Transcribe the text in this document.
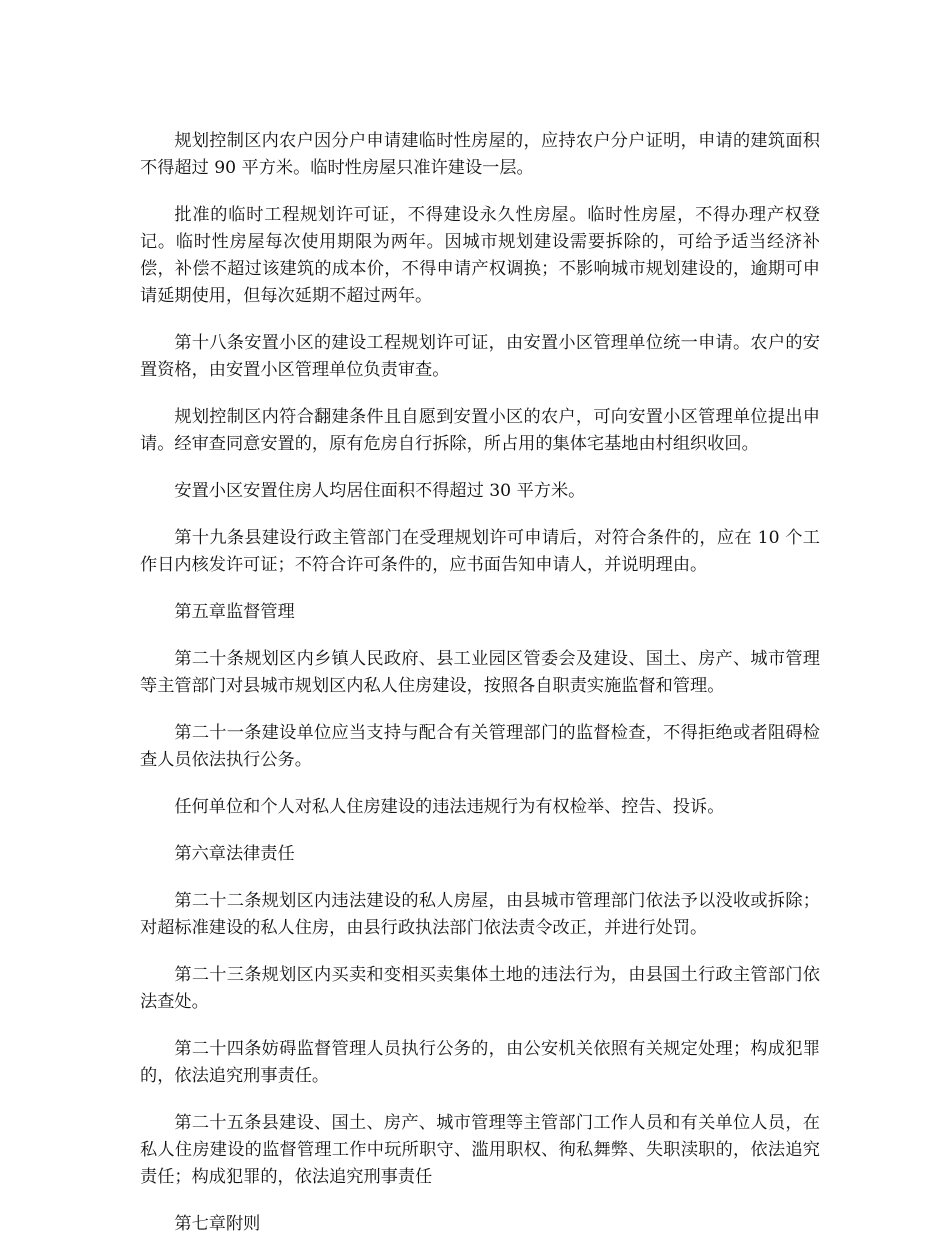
规划控制区内农户因分户申请建临时性房屋的，应持农户分户证明，申请的建筑面积不得超过 90 平方米。临时性房屋只准许建设一层。

批准的临时工程规划许可证，不得建设永久性房屋。临时性房屋，不得办理产权登记。临时性房屋每次使用期限为两年。因城市规划建设需要拆除的，可给予适当经济补偿，补偿不超过该建筑的成本价，不得申请产权调换；不影响城市规划建设的，逾期可申请延期使用，但每次延期不超过两年。

第十八条安置小区的建设工程规划许可证，由安置小区管理单位统一申请。农户的安置资格，由安置小区管理单位负责审查。

规划控制区内符合翻建条件且自愿到安置小区的农户，可向安置小区管理单位提出申请。经审查同意安置的，原有危房自行拆除，所占用的集体宅基地由村组织收回。

安置小区安置住房人均居住面积不得超过 30 平方米。

第十九条县建设行政主管部门在受理规划许可申请后，对符合条件的，应在 10 个工作日内核发许可证；不符合许可条件的，应书面告知申请人，并说明理由。

第五章监督管理

第二十条规划区内乡镇人民政府、县工业园区管委会及建设、国土、房产、城市管理等主管部门对县城市规划区内私人住房建设，按照各自职责实施监督和管理。

第二十一条建设单位应当支持与配合有关管理部门的监督检查，不得拒绝或者阻碍检查人员依法执行公务。

任何单位和个人对私人住房建设的违法违规行为有权检举、控告、投诉。

第六章法律责任

第二十二条规划区内违法建设的私人房屋，由县城市管理部门依法予以没收或拆除；对超标准建设的私人住房，由县行政执法部门依法责令改正，并进行处罚。

第二十三条规划区内买卖和变相买卖集体土地的违法行为，由县国土行政主管部门依法查处。

第二十四条妨碍监督管理人员执行公务的，由公安机关依照有关规定处理；构成犯罪的，依法追究刑事责任。

第二十五条县建设、国土、房产、城市管理等主管部门工作人员和有关单位人员，在私人住房建设的监督管理工作中玩所职守、滥用职权、徇私舞弊、失职渎职的，依法追究责任；构成犯罪的，依法追究刑事责任

第七章附则
